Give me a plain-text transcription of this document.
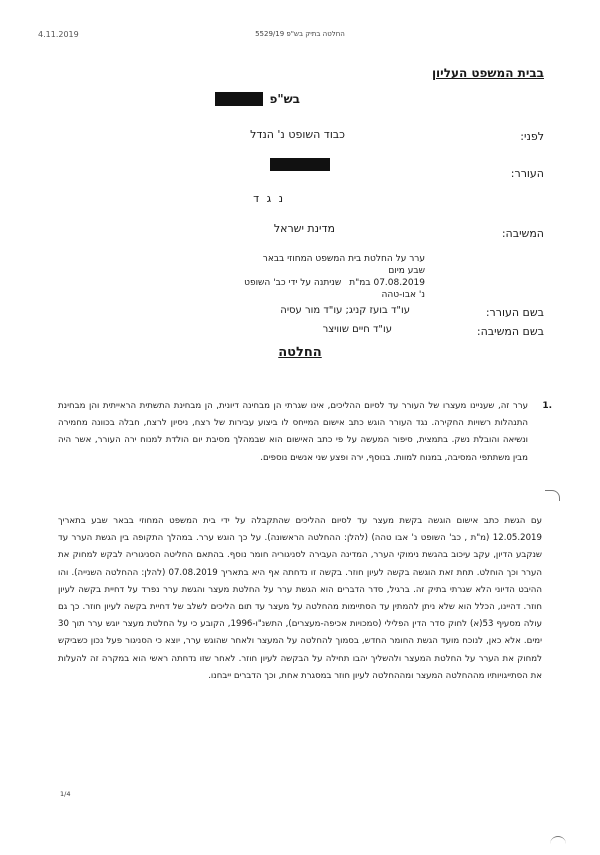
4.11.2019	החלטה בתיק בש"פ 5529/19
בבית המשפט העליון
בש"פ
לפני:
כבוד השופט נ' הנדל
העורר:
נ ג ד
המשיבה:
מדינת ישראל
ערר על החלטת בית המשפט המחוזי בבאר שבע מיום
07.08.2019 במ"ת
שניתנה על ידי כב' השופט
נ' אבו-טהה
בשם העורר:
עו"ד בועז קניג; עו"ד מור עסיה
בשם המשיבה:
עו"ד חיים שוויצר
החלטה
1.
ערר זה, שעניינו מעצרו של העורר עד לסיום ההליכים, אינו שגרתי הן מבחינה דיונית, הן מבחינת התשתית הראייתית והן מבחינת התנהלות רשויות החקירה. נגד העורר הוגש כתב אישום המייחס לו ביצוע עבירות של רצח, ניסיון לרצח, חבלה בכוונה מחמירה ונשיאה והובלת נשק. בתמצית, סיפור המעשה על פי כתב האישום הוא שבמהלך מסיבת יום הולדת למנוח ירה העורר, אשר היה מבין משתתפי המסיבה, במנוח למוות. בנוסף, ירה ופצע שני אנשים נוספים.
עם הגשת כתב אישום הוגשה בקשת מעצר עד לסיום ההליכים שהתקבלה על ידי בית המשפט המחוזי בבאר שבע בתאריך 12.05.2019 (מ"ת , כב' השופט נ' אבו טהה) (להלן: ההחלטה הראשונה). על כך הוגש ערר. במהלך התקופה בין הגשת הערר עד שנקבע הדיון, עקב עיכוב בהגשת נימוקי הערר, המדינה העבירה לסניגוריה חומר נוסף. בהתאם החליטה הסניגוריה לבקש למחוק את הערר וכך הוחלט. תחת זאת הוגשה בקשה לעיון חוזר. בקשה זו נדחתה אף היא בתאריך 07.08.2019 (להלן: ההחלטה השנייה). והו ההיבט הדיוני הלא שגרתי בתיק זה. ברגיל, סדר הדברים הוא הגשת ערר על החלטת מעצר והגשת ערר נפרד על דחיית בקשה לעיון חוזר. דהיינו, הכלל הוא שלא ניתן להמתין עד הסתיימות מהחלטה על מעצר עד תום הליכים לשלב של דחיית בקשה לעיון חוזר. כך גם עולה מסעיף 53(א) לחוק סדר הדין הפלילי (סמכויות אכיפה-מעצרים), התשנ"ו-1996, הקובע כי על החלטת מעצר יוגש ערר תוך 30 ימים. אלא כאן, לנוכח מועד הגשת החומר החדש, בסמוך להחלטה על המעצר ולאחר שהוגש ערר, יוצא כי הסניגור פעל נכון כשביקש למחוק את הערר על החלטת המעצר ולהשליך יהבו תחילה על הבקשה לעיון חוזר. לאחר שזו נדחתה ראשי הוא במקרה זה להעלות את הסתייגויותיו מההחלטה המעצר ומההחלטה לעיון חוזר במסגרת אחת, וכך הדברים ייבחנו.
1/4
